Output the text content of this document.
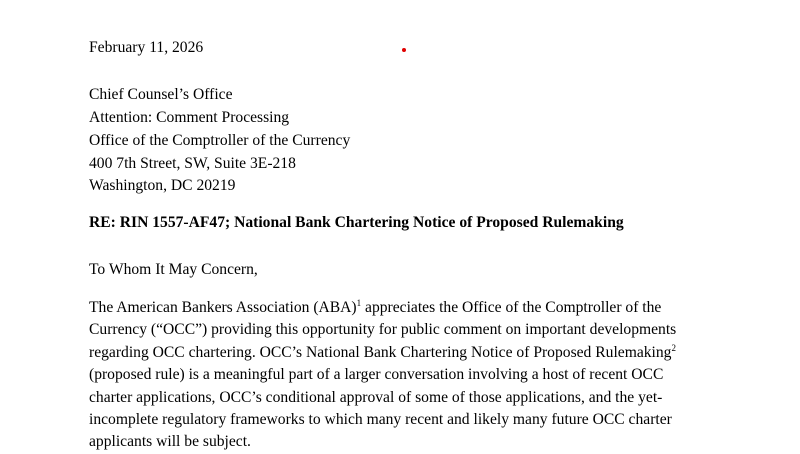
February 11, 2026
Chief Counsel’s Office
Attention: Comment Processing
Office of the Comptroller of the Currency
400 7th Street, SW, Suite 3E-218
Washington, DC 20219
RE: RIN 1557-AF47; National Bank Chartering Notice of Proposed Rulemaking
To Whom It May Concern,
The American Bankers Association (ABA)$^1$ appreciates the Office of the Comptroller of the
Currency (“OCC”) providing this opportunity for public comment on important developments
regarding OCC chartering. OCC’s National Bank Chartering Notice of Proposed Rulemaking$^2$
(proposed rule) is a meaningful part of a larger conversation involving a host of recent OCC
charter applications, OCC’s conditional approval of some of those applications, and the yet-
incomplete regulatory frameworks to which many recent and likely many future OCC charter
applicants will be subject.
